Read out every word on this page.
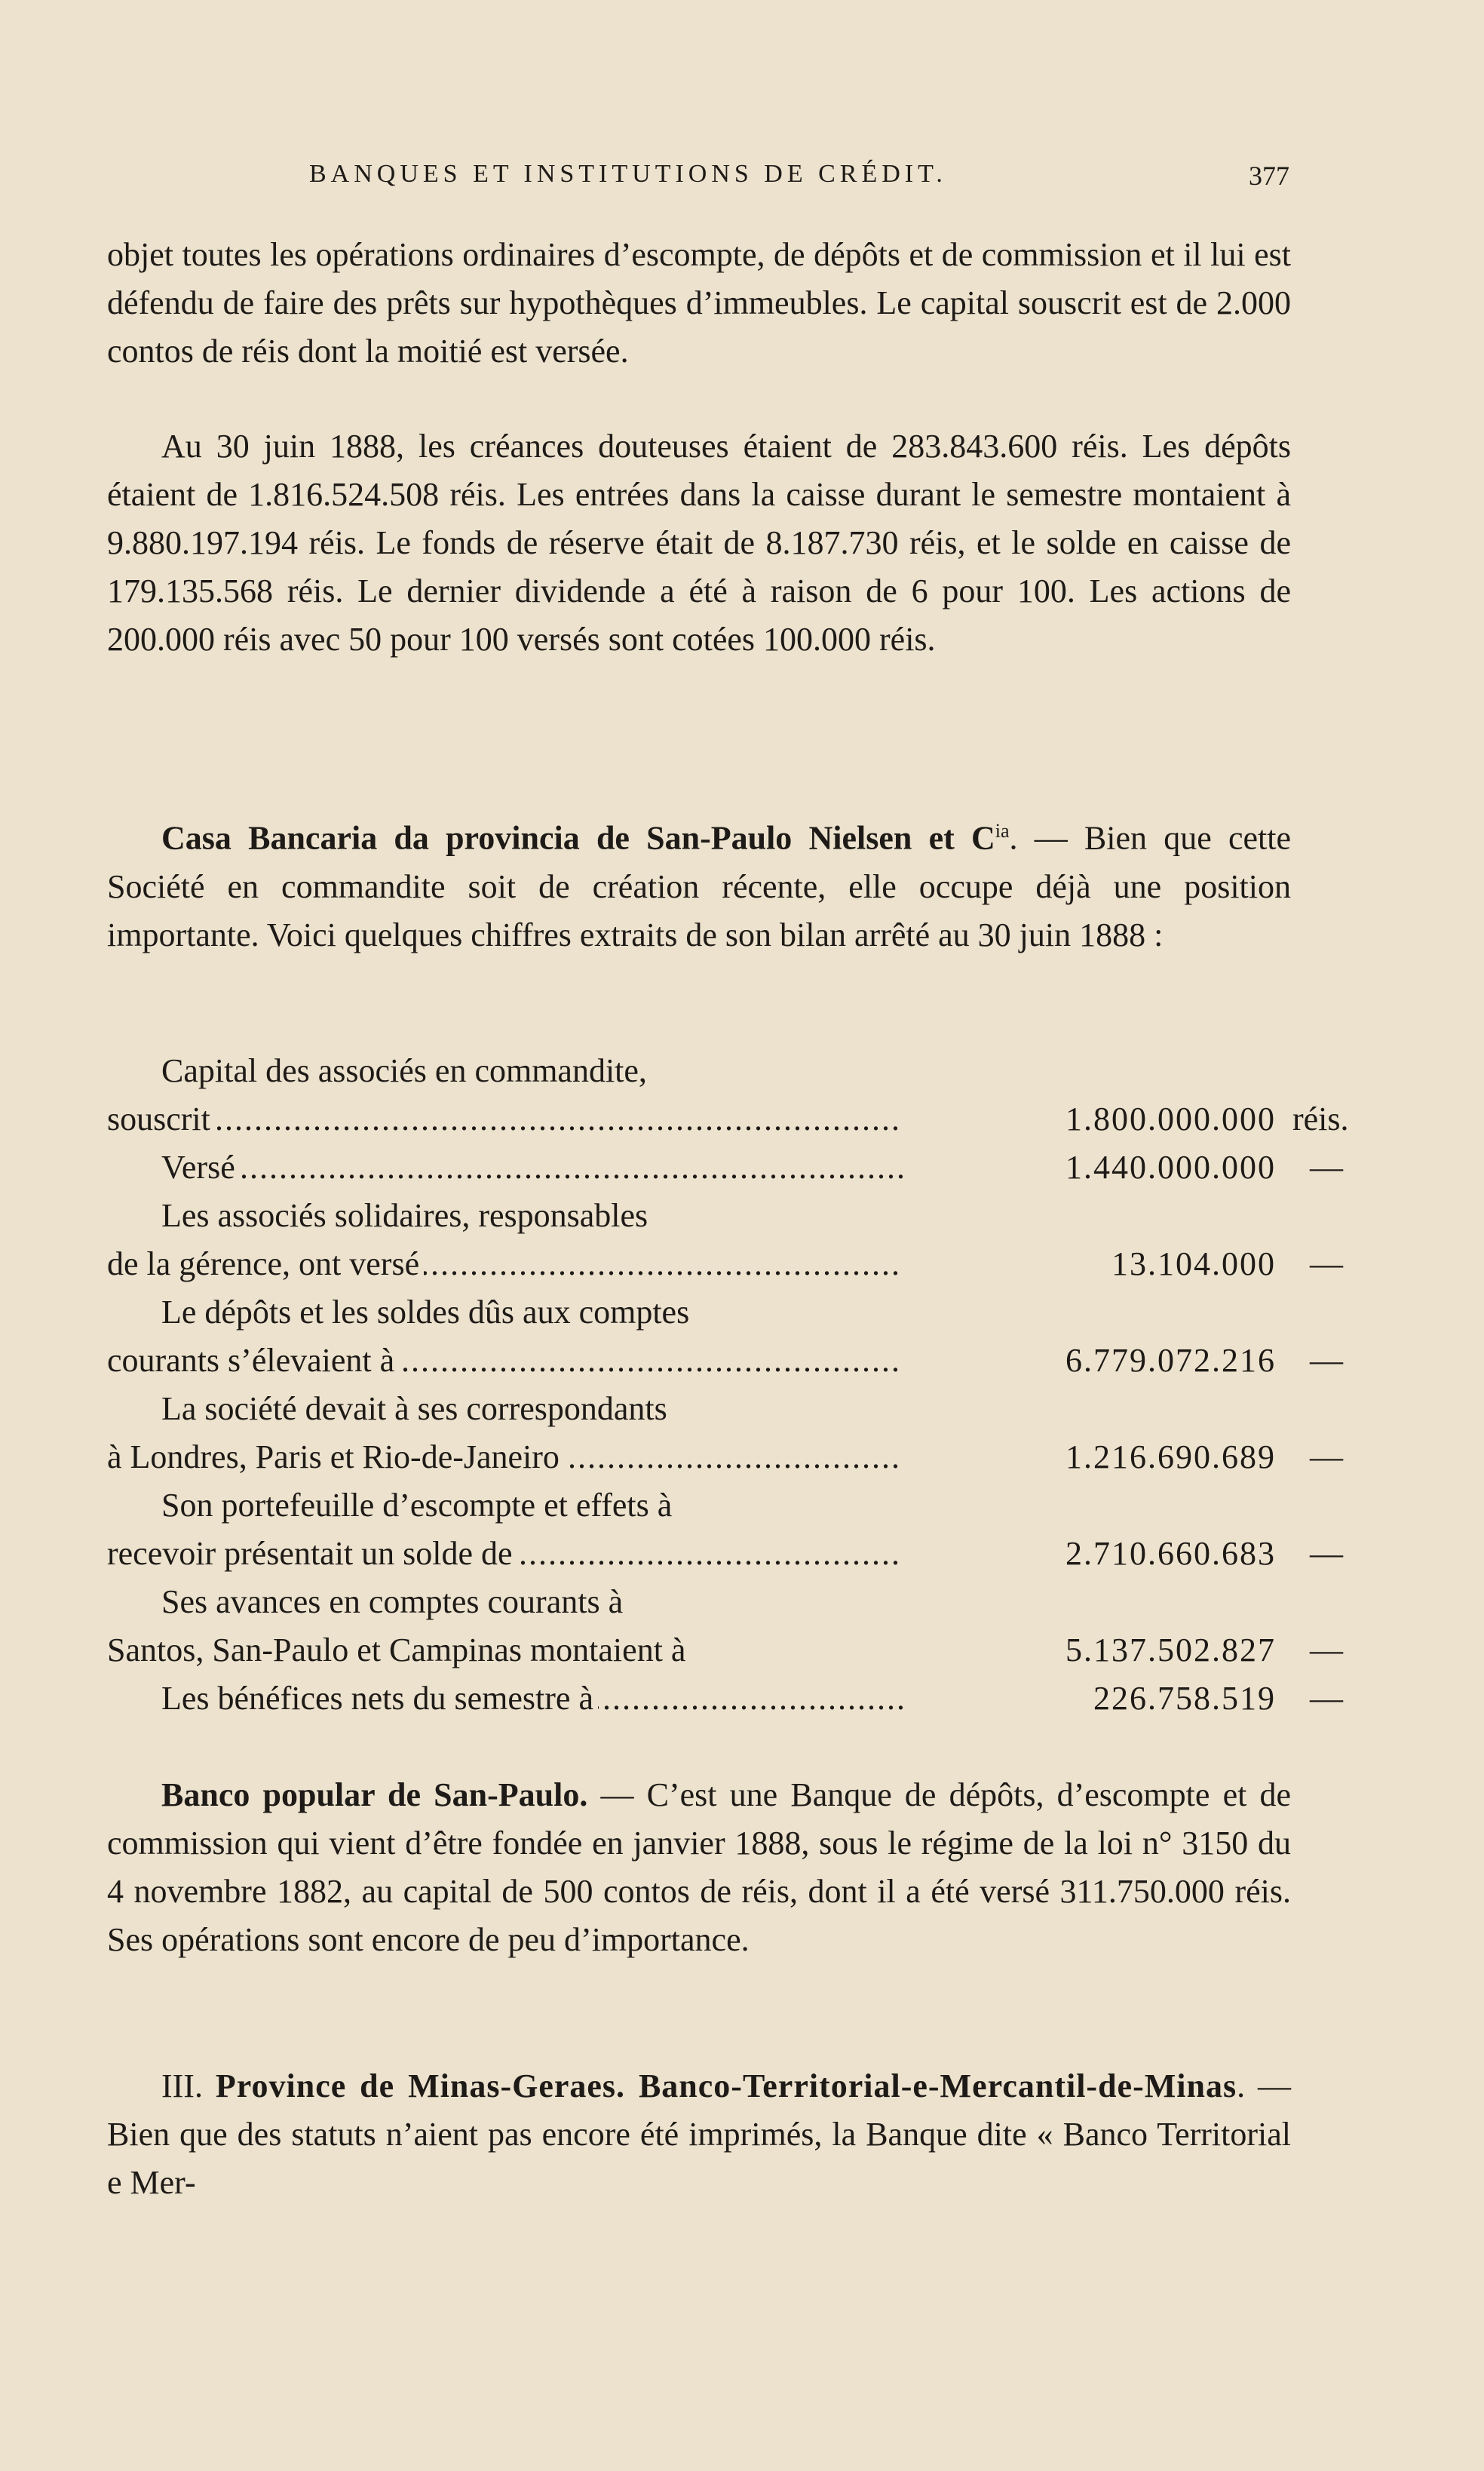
BANQUES ET INSTITUTIONS DE CRÉDIT.	377

objet toutes les opérations ordinaires d’escompte, de dépôts et de commission et il lui est défendu de faire des prêts sur hypothèques d’immeubles. Le capital souscrit est de 2.000 contos de réis dont la moitié est versée.

Au 30 juin 1888, les créances douteuses étaient de 283.843.600 réis. Les dépôts étaient de 1.816.524.508 réis. Les entrées dans la caisse durant le semestre montaient à 9.880.197.194 réis. Le fonds de réserve était de 8.187.730 réis, et le solde en caisse de 179.135.568 réis. Le dernier dividende a été à raison de 6 pour 100. Les actions de 200.000 réis avec 50 pour 100 versés sont cotées 100.000 réis.

Casa Bancaria da provincia de San-Paulo Nielsen et $C^{ia}$. — Bien que cette Société en commandite soit de création récente, elle occupe déjà une position importante. Voici quelques chiffres extraits de son bilan arrêté au 30 juin 1888 :

Capital des associés en commandite,
souscrit .....	1.800.000.000 réis.
Versé .....	1.440.000.000 —
Les associés solidaires, responsables
de la gérence, ont versé .....	13.104.000 —
Le dépôts et les soldes dûs aux comptes
courants s’élevaient à .....	6.779.072.216 —
La société devait à ses correspondants
à Londres, Paris et Rio-de-Janeiro .....	1.216.690.689 —
Son portefeuille d’escompte et effets à
recevoir présentait un solde de .....	2.710.660.683 —
Ses avances en comptes courants à
Santos, San-Paulo et Campinas montaient à	5.137.502.827 —
Les bénéfices nets du semestre à .....	226.758.519 —

Banco popular de San-Paulo. — C’est une Banque de dépôts, d’escompte et de commission qui vient d’être fondée en janvier 1888, sous le régime de la loi n° 3150 du 4 novembre 1882, au capital de 500 contos de réis, dont il a été versé 311.750.000 réis. Ses opérations sont encore de peu d’importance.

III. Province de Minas-Geraes. Banco-Territorial-e-Mercantil-de-Minas. — Bien que des statuts n’aient pas encore été imprimés, la Banque dite « Banco Territorial e Mer-
